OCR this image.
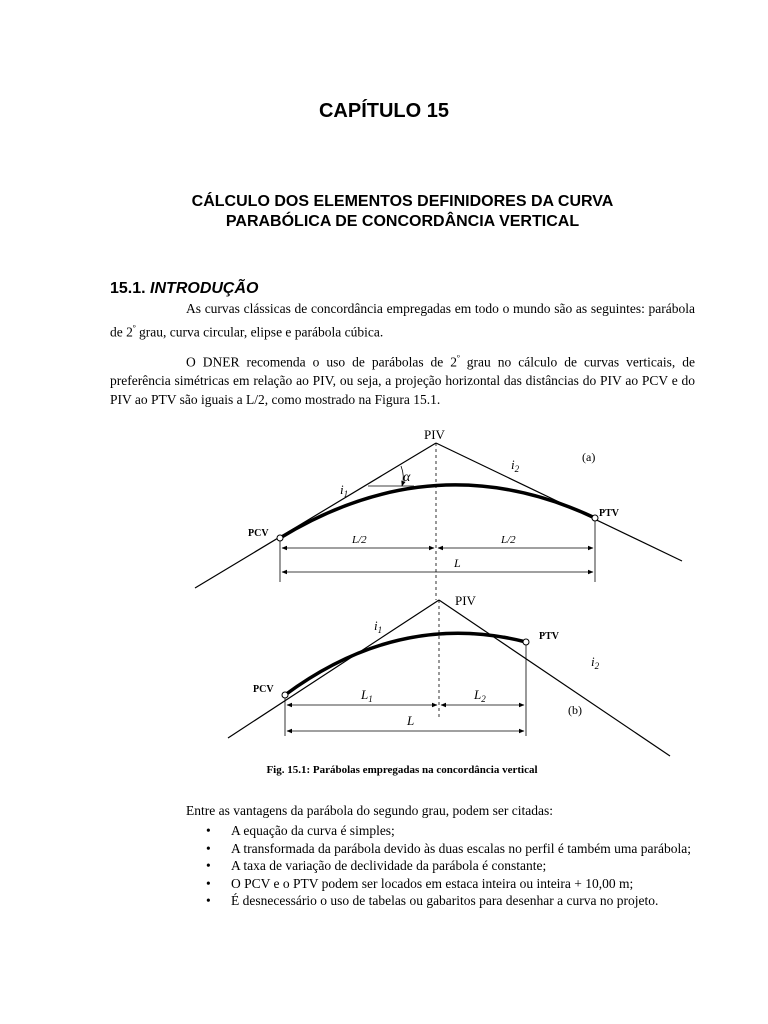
CAPÍTULO 15
CÁLCULO DOS ELEMENTOS DEFINIDORES DA CURVA
PARABÓLICA DE CONCORDÂNCIA VERTICAL
15.1. INTRODUÇÃO

As curvas clássicas de concordância empregadas em todo o mundo são as seguintes: parábola de $2^º$ grau, curva circular, elipse e parábola cúbica.

O DNER recomenda o uso de parábolas de $2^º$ grau no cálculo de curvas verticais, de preferência simétricas em relação ao PIV, ou seja, a projeção horizontal das distâncias do PIV ao PCV e do PIV ao PTV são iguais a L/2, como mostrado na Figura 15.1.

PIV
PCV
PTV
(a)
$i_1$
$i_2$
α
L/2	L/2
L
PIV
PCV
PTV
(b)
$i_1$
$i_2$
$L_1$	$L_2$
L
Fig. 15.1: Parábolas empregadas na concordância vertical
Entre as vantagens da parábola do segundo grau, podem ser citadas:
• A equação da curva é simples;
• A transformada da parábola devido às duas escalas no perfil é também uma parábola;
• A taxa de variação de declividade da parábola é constante;
• O PCV e o PTV podem ser locados em estaca inteira ou inteira + 10,00 m;
• É desnecessário o uso de tabelas ou gabaritos para desenhar a curva no projeto.
